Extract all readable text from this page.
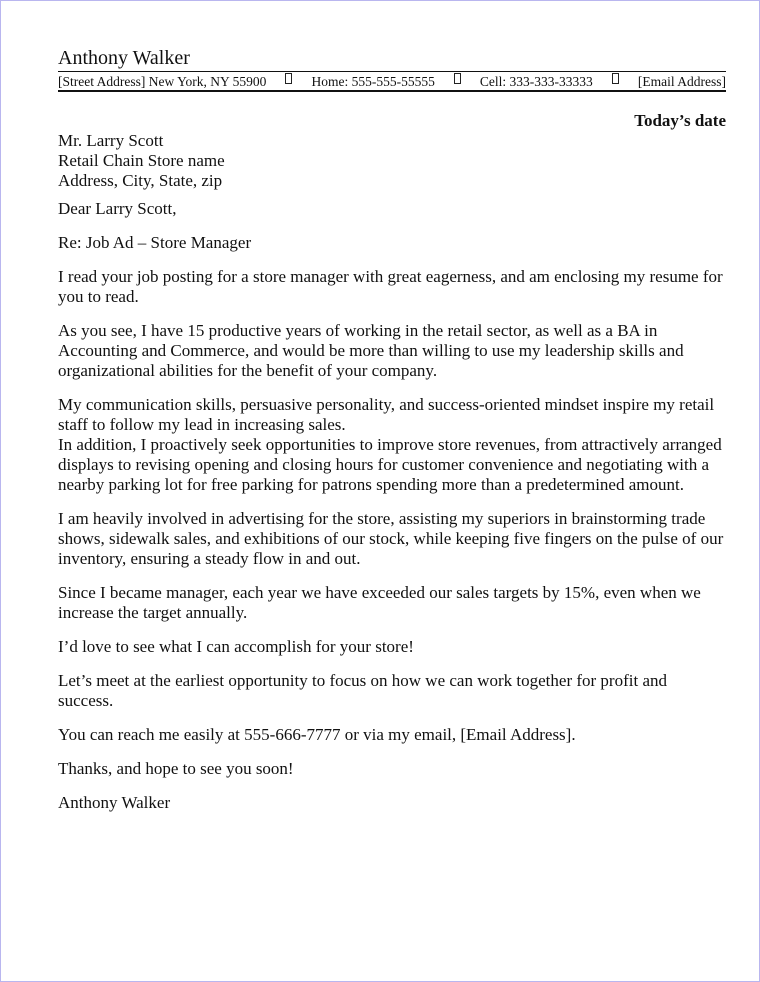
Anthony Walker
[Street Address] New York, NY 55900	Home: 555-555-55555	Cell: 333-333-33333	[Email Address]
Today’s date
Mr. Larry Scott
Retail Chain Store name
Address, City, State, zip

Dear Larry Scott,

Re: Job Ad – Store Manager

I read your job posting for a store manager with great eagerness, and am enclosing my resume for you to read.

As you see, I have 15 productive years of working in the retail sector, as well as a BA in Accounting and Commerce, and would be more than willing to use my leadership skills and organizational abilities for the benefit of your company.

My communication skills, persuasive personality, and success-oriented mindset inspire my retail staff to follow my lead in increasing sales.

In addition, I proactively seek opportunities to improve store revenues, from attractively arranged displays to revising opening and closing hours for customer convenience and negotiating with a nearby parking lot for free parking for patrons spending more than a predetermined amount.

I am heavily involved in advertising for the store, assisting my superiors in brainstorming trade shows, sidewalk sales, and exhibitions of our stock, while keeping five fingers on the pulse of our inventory, ensuring a steady flow in and out.

Since I became manager, each year we have exceeded our sales targets by 15%, even when we increase the target annually.

I’d love to see what I can accomplish for your store!

Let’s meet at the earliest opportunity to focus on how we can work together for profit and success.

You can reach me easily at 555-666-7777 or via my email, [Email Address].

Thanks, and hope to see you soon!

Anthony Walker
